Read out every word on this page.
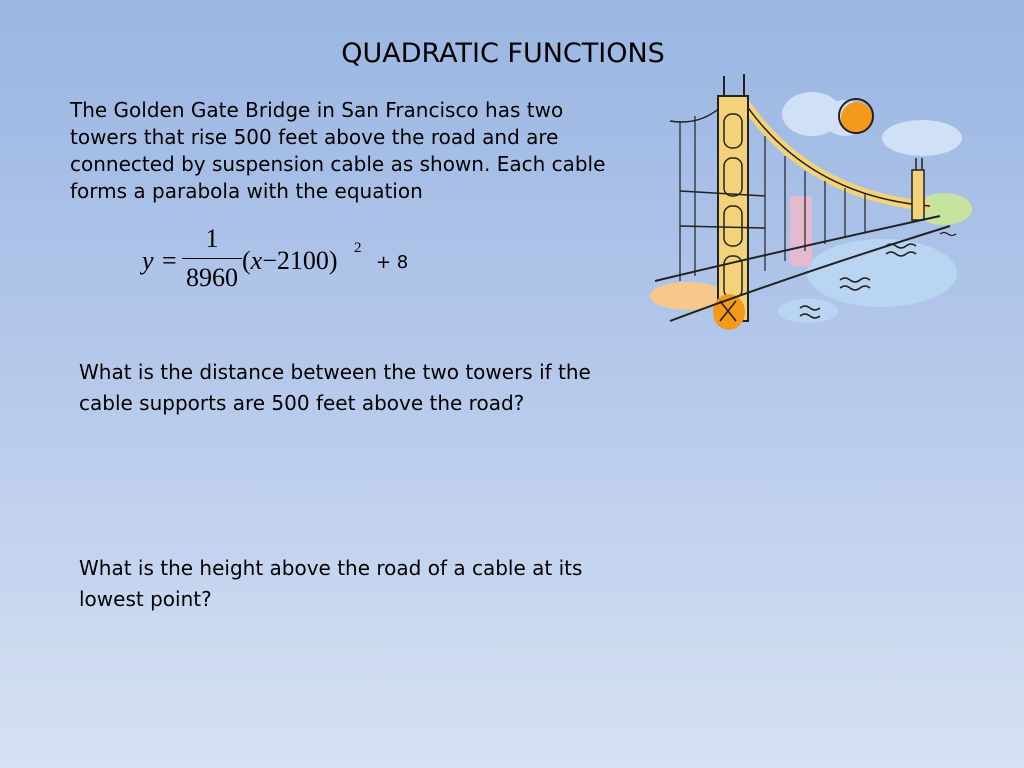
QUADRATIC FUNCTIONS
The Golden Gate Bridge in San Francisco has two towers that rise 500 feet above the road and are connected by suspension cable as shown. Each cable forms a parabola with the equation
y =
1
8960
(x−2100) 2
+ 8
What is the distance between the two towers if the cable supports are 500 feet above the road?
What is the height above the road of a cable at its lowest point?
